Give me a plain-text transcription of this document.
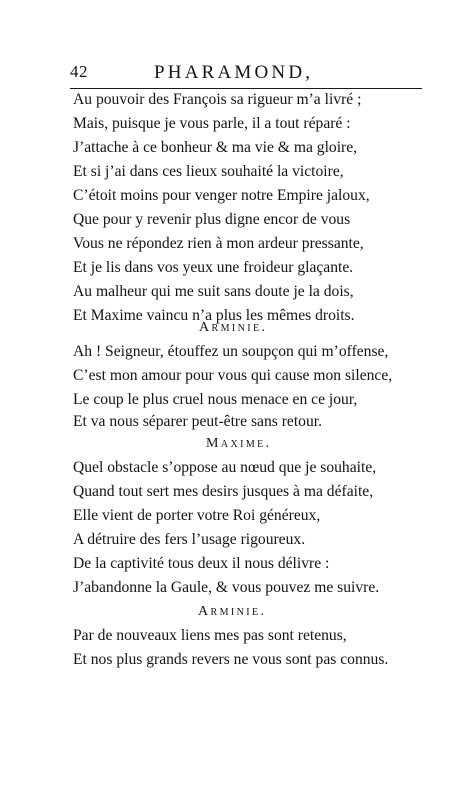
42	PHARAMOND,
Au pouvoir des François sa rigueur m’a livré ;
Mais, puisque je vous parle, il a tout réparé :
J’attache à ce bonheur & ma vie & ma gloire,
Et si j’ai dans ces lieux souhaité la victoire,
C’étoit moins pour venger notre Empire jaloux,
Que pour y revenir plus digne encor de vous
Vous ne répondez rien à mon ardeur pressante,
Et je lis dans vos yeux une froideur glaçante.
Au malheur qui me suit sans doute je la dois,
Et Maxime vaincu n’a plus les mêmes droits.
Arminie.
Ah ! Seigneur, étouffez un soupçon qui m’offense,
C’est mon amour pour vous qui cause mon silence,
Le coup le plus cruel nous menace en ce jour,
Et va nous séparer peut-être sans retour.
Maxime.
Quel obstacle s’oppose au nœud que je souhaite,
Quand tout sert mes desirs jusques à ma défaite,
Elle vient de porter votre Roi généreux,
A détruire des fers l’usage rigoureux.
De la captivité tous deux il nous délivre :
J’abandonne la Gaule, & vous pouvez me suivre.
Arminie.
Par de nouveaux liens mes pas sont retenus,
Et nos plus grands revers ne vous sont pas connus.
